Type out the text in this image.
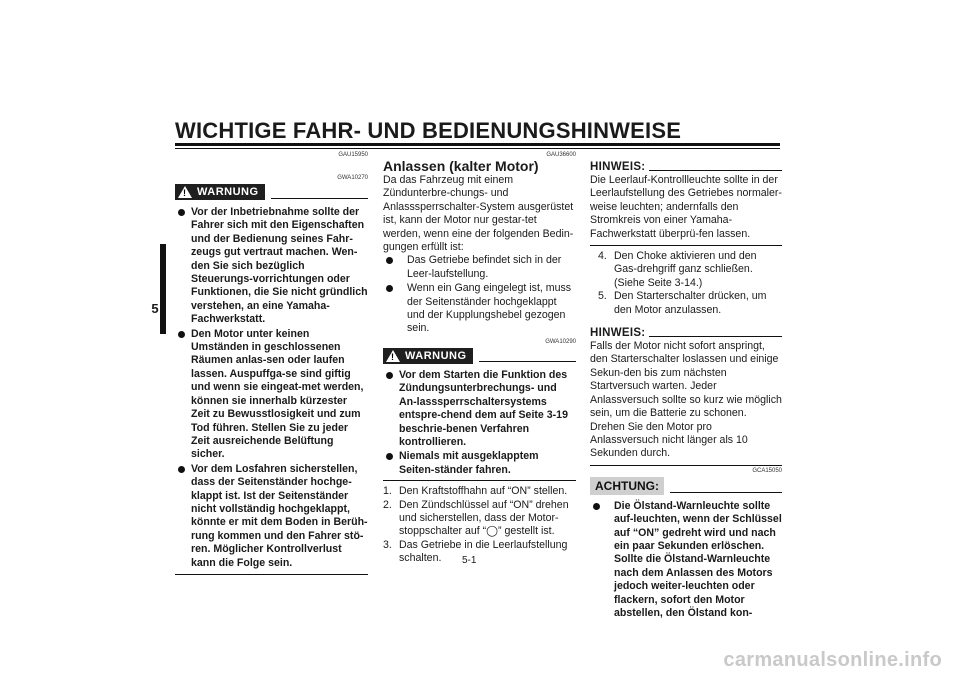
WICHTIGE FAHR- UND BEDIENUNGSHINWEISE
5
GAU15950
GWA10270
! WARNUNG
Vor der Inbetriebnahme sollte der Fahrer sich mit den Eigenschaften und der Bedienung seines Fahr-zeugs gut vertraut machen. Wen-den Sie sich bezüglich Steuerungs-vorrichtungen oder Funktionen, die Sie nicht gründlich verstehen, an eine Yamaha-Fachwerkstatt.
Den Motor unter keinen Umständen in geschlossenen Räumen anlas-sen oder laufen lassen. Auspuffga-se sind giftig und wenn sie eingeat-met werden, können sie innerhalb kürzester Zeit zu Bewusstlosigkeit und zum Tod führen. Stellen Sie zu jeder Zeit ausreichende Belüftung sicher.
Vor dem Losfahren sicherstellen, dass der Seitenständer hochge-klappt ist. Ist der Seitenständer nicht vollständig hochgeklappt, könnte er mit dem Boden in Berüh-rung kommen und den Fahrer stö-ren. Möglicher Kontrollverlust kann die Folge sein.
GAU36600
Anlassen (kalter Motor)
Da das Fahrzeug mit einem Zündunterbre-chungs- und Anlasssperrschalter-System ausgerüstet ist, kann der Motor nur gestar-tet werden, wenn eine der folgenden Bedin-gungen erfüllt ist:
Das Getriebe befindet sich in der Leer-laufstellung.
Wenn ein Gang eingelegt ist, muss der Seitenständer hochgeklappt und der Kupplungshebel gezogen sein.
GWA10290
! WARNUNG
Vor dem Starten die Funktion des Zündungsunterbrechungs- und An-lasssperrschaltersystems entspre-chend dem auf Seite 3-19 beschrie-benen Verfahren kontrollieren.
Niemals mit ausgeklapptem Seiten-ständer fahren.
1. Den Kraftstoffhahn auf “ON” stellen.
2. Den Zündschlüssel auf “ON” drehen und sicherstellen, dass der Motor-stoppschalter auf “◯” gestellt ist.
3. Das Getriebe in die Leerlaufstellung schalten.
HINWEIS:
Die Leerlauf-Kontrollleuchte sollte in der Leerlaufstellung des Getriebes normaler-weise leuchten; andernfalls den Stromkreis von einer Yamaha-Fachwerkstatt überprü-fen lassen.
4. Den Choke aktivieren und den Gas-drehgriff ganz schließen. (Siehe Seite 3-14.)
5. Den Starterschalter drücken, um den Motor anzulassen.
HINWEIS:
Falls der Motor nicht sofort anspringt, den Starterschalter loslassen und einige Sekun-den bis zum nächsten Startversuch warten. Jeder Anlassversuch sollte so kurz wie möglich sein, um die Batterie zu schonen. Drehen Sie den Motor pro Anlassversuch nicht länger als 10 Sekunden durch.
GCA15050
ACHTUNG:
Die Ölstand-Warnleuchte sollte auf-leuchten, wenn der Schlüssel auf “ON” gedreht wird und nach ein paar Sekunden erlöschen. Sollte die Ölstand-Warnleuchte nach dem Anlassen des Motors jedoch weiter-leuchten oder flackern, sofort den Motor abstellen, den Ölstand kon-
5-1
carmanualsonline.info
